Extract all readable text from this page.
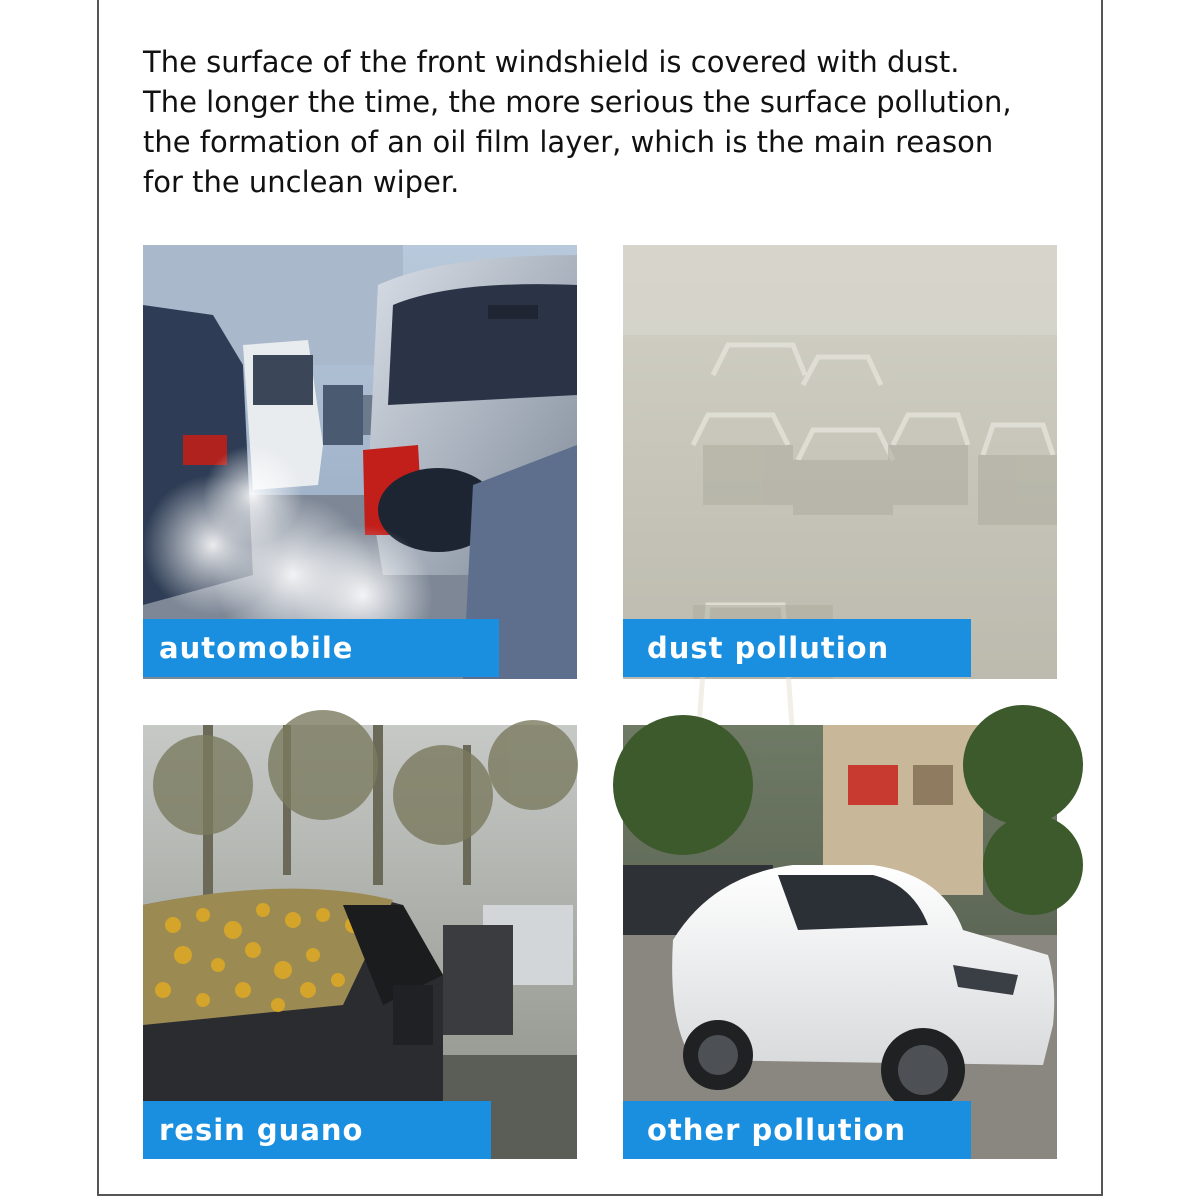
The surface of the front windshield is covered with dust.
The longer the time, the more serious the surface pollution,
the formation of an oil film layer, which is the main reason
for the unclean wiper.

automobile exhaust
dust pollution
resin guano	other pollution
